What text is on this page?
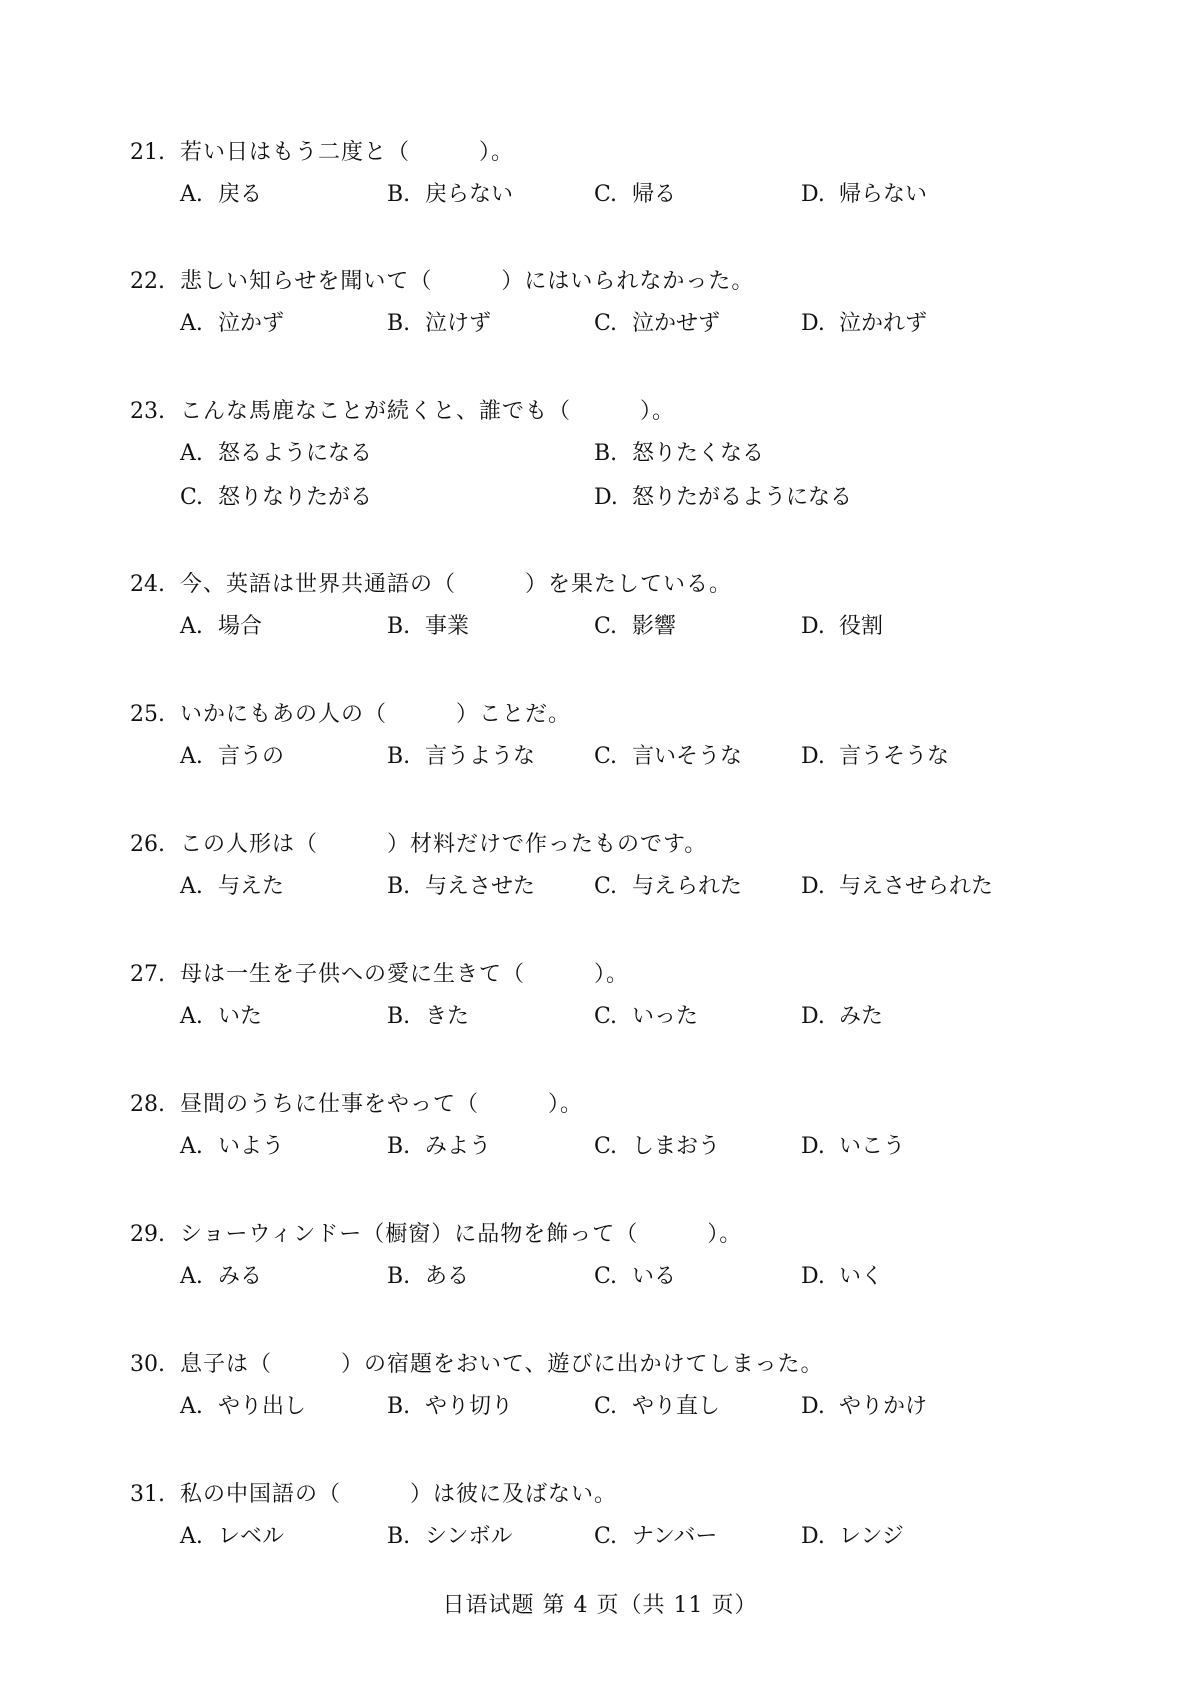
21. 若い日はもう二度と（　　　）。
A. 戻る	B. 戻らない	C. 帰る	D. 帰らない
22. 悲しい知らせを聞いて（　　　）にはいられなかった。
A. 泣かず	B. 泣けず	C. 泣かせず	D. 泣かれず
23. こんな馬鹿なことが続くと、誰でも（　　　）。
A. 怒るようになる	B. 怒りたくなる
C. 怒りなりたがる	D. 怒りたがるようになる
24. 今、英語は世界共通語の（　　　）を果たしている。
A. 場合	B. 事業	C. 影響	D. 役割
25. いかにもあの人の（　　　）ことだ。
A. 言うの	B. 言うような	C. 言いそうな	D. 言うそうな
26. この人形は（　　　）材料だけで作ったものです。
A. 与えた	B. 与えさせた	C. 与えられた	D. 与えさせられた
27. 母は一生を子供への愛に生きて（　　　）。
A. いた	B. きた	C. いった	D. みた
28. 昼間のうちに仕事をやって（　　　）。
A. いよう	B. みよう	C. しまおう	D. いこう
29. ショーウィンドー（橱窗）に品物を飾って（　　　）。
A. みる	B. ある	C. いる	D. いく
30. 息子は（　　　）の宿題をおいて、遊びに出かけてしまった。
A. やり出し	B. やり切り	C. やり直し	D. やりかけ
31. 私の中国語の（　　　）は彼に及ばない。
A. レベル	B. シンボル	C. ナンバー	D. レンジ
日语试题 第 4 页（共 11 页）
